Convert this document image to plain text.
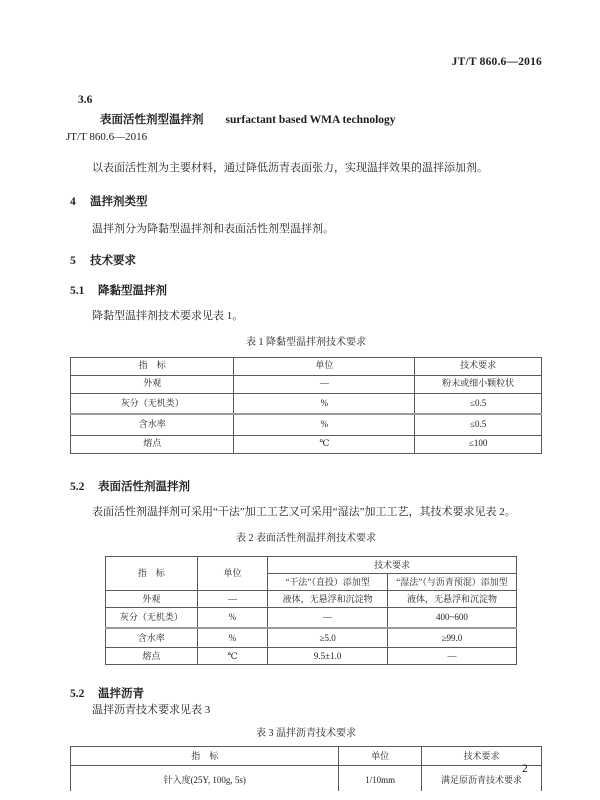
JT/T 860.6—2016
3.6
表面活性剂型温拌剂 surfactant based WMA technology
JT/T 860.6—2016
以表面活性剂为主要材料，通过降低沥青表面张力，实现温拌效果的温拌添加剂。
4 温拌剂类型
温拌剂分为降黏型温拌剂和表面活性剂型温拌剂。
5 技术要求
5.1 降黏型温拌剂
降黏型温拌剂技术要求见表 1。
表 1 降黏型温拌剂技术要求
指　标	单位	技术要求
外观	—	粉末或细小颗粒状
灰分（无机类）	%	≤0.5
含水率	%	≤0.5
熔点	℃	≤100
5.2 表面活性剂温拌剂
表面活性剂温拌剂可采用“干法”加工工艺又可采用“湿法”加工工艺，其技术要求见表 2。
表 2 表面活性剂温拌剂技术要求
指　标	单位	技术要求	
		“干法”（直投）添加型	“湿法”（与沥青预混）添加型
外观	—	液体，无悬浮和沉淀物	液体，无悬浮和沉淀物
灰分（无机类）	%	—	400~600
含水率	%	≥5.0	≥99.0
熔点	℃	9.5±1.0	—
5.2 温拌沥青
温拌沥青技术要求见表 3
表 3 温拌沥青技术要求
指　标	单位	技术要求
针入度(25Y, 100g, 5s)	1/10mm	满足原沥青技术要求
2
